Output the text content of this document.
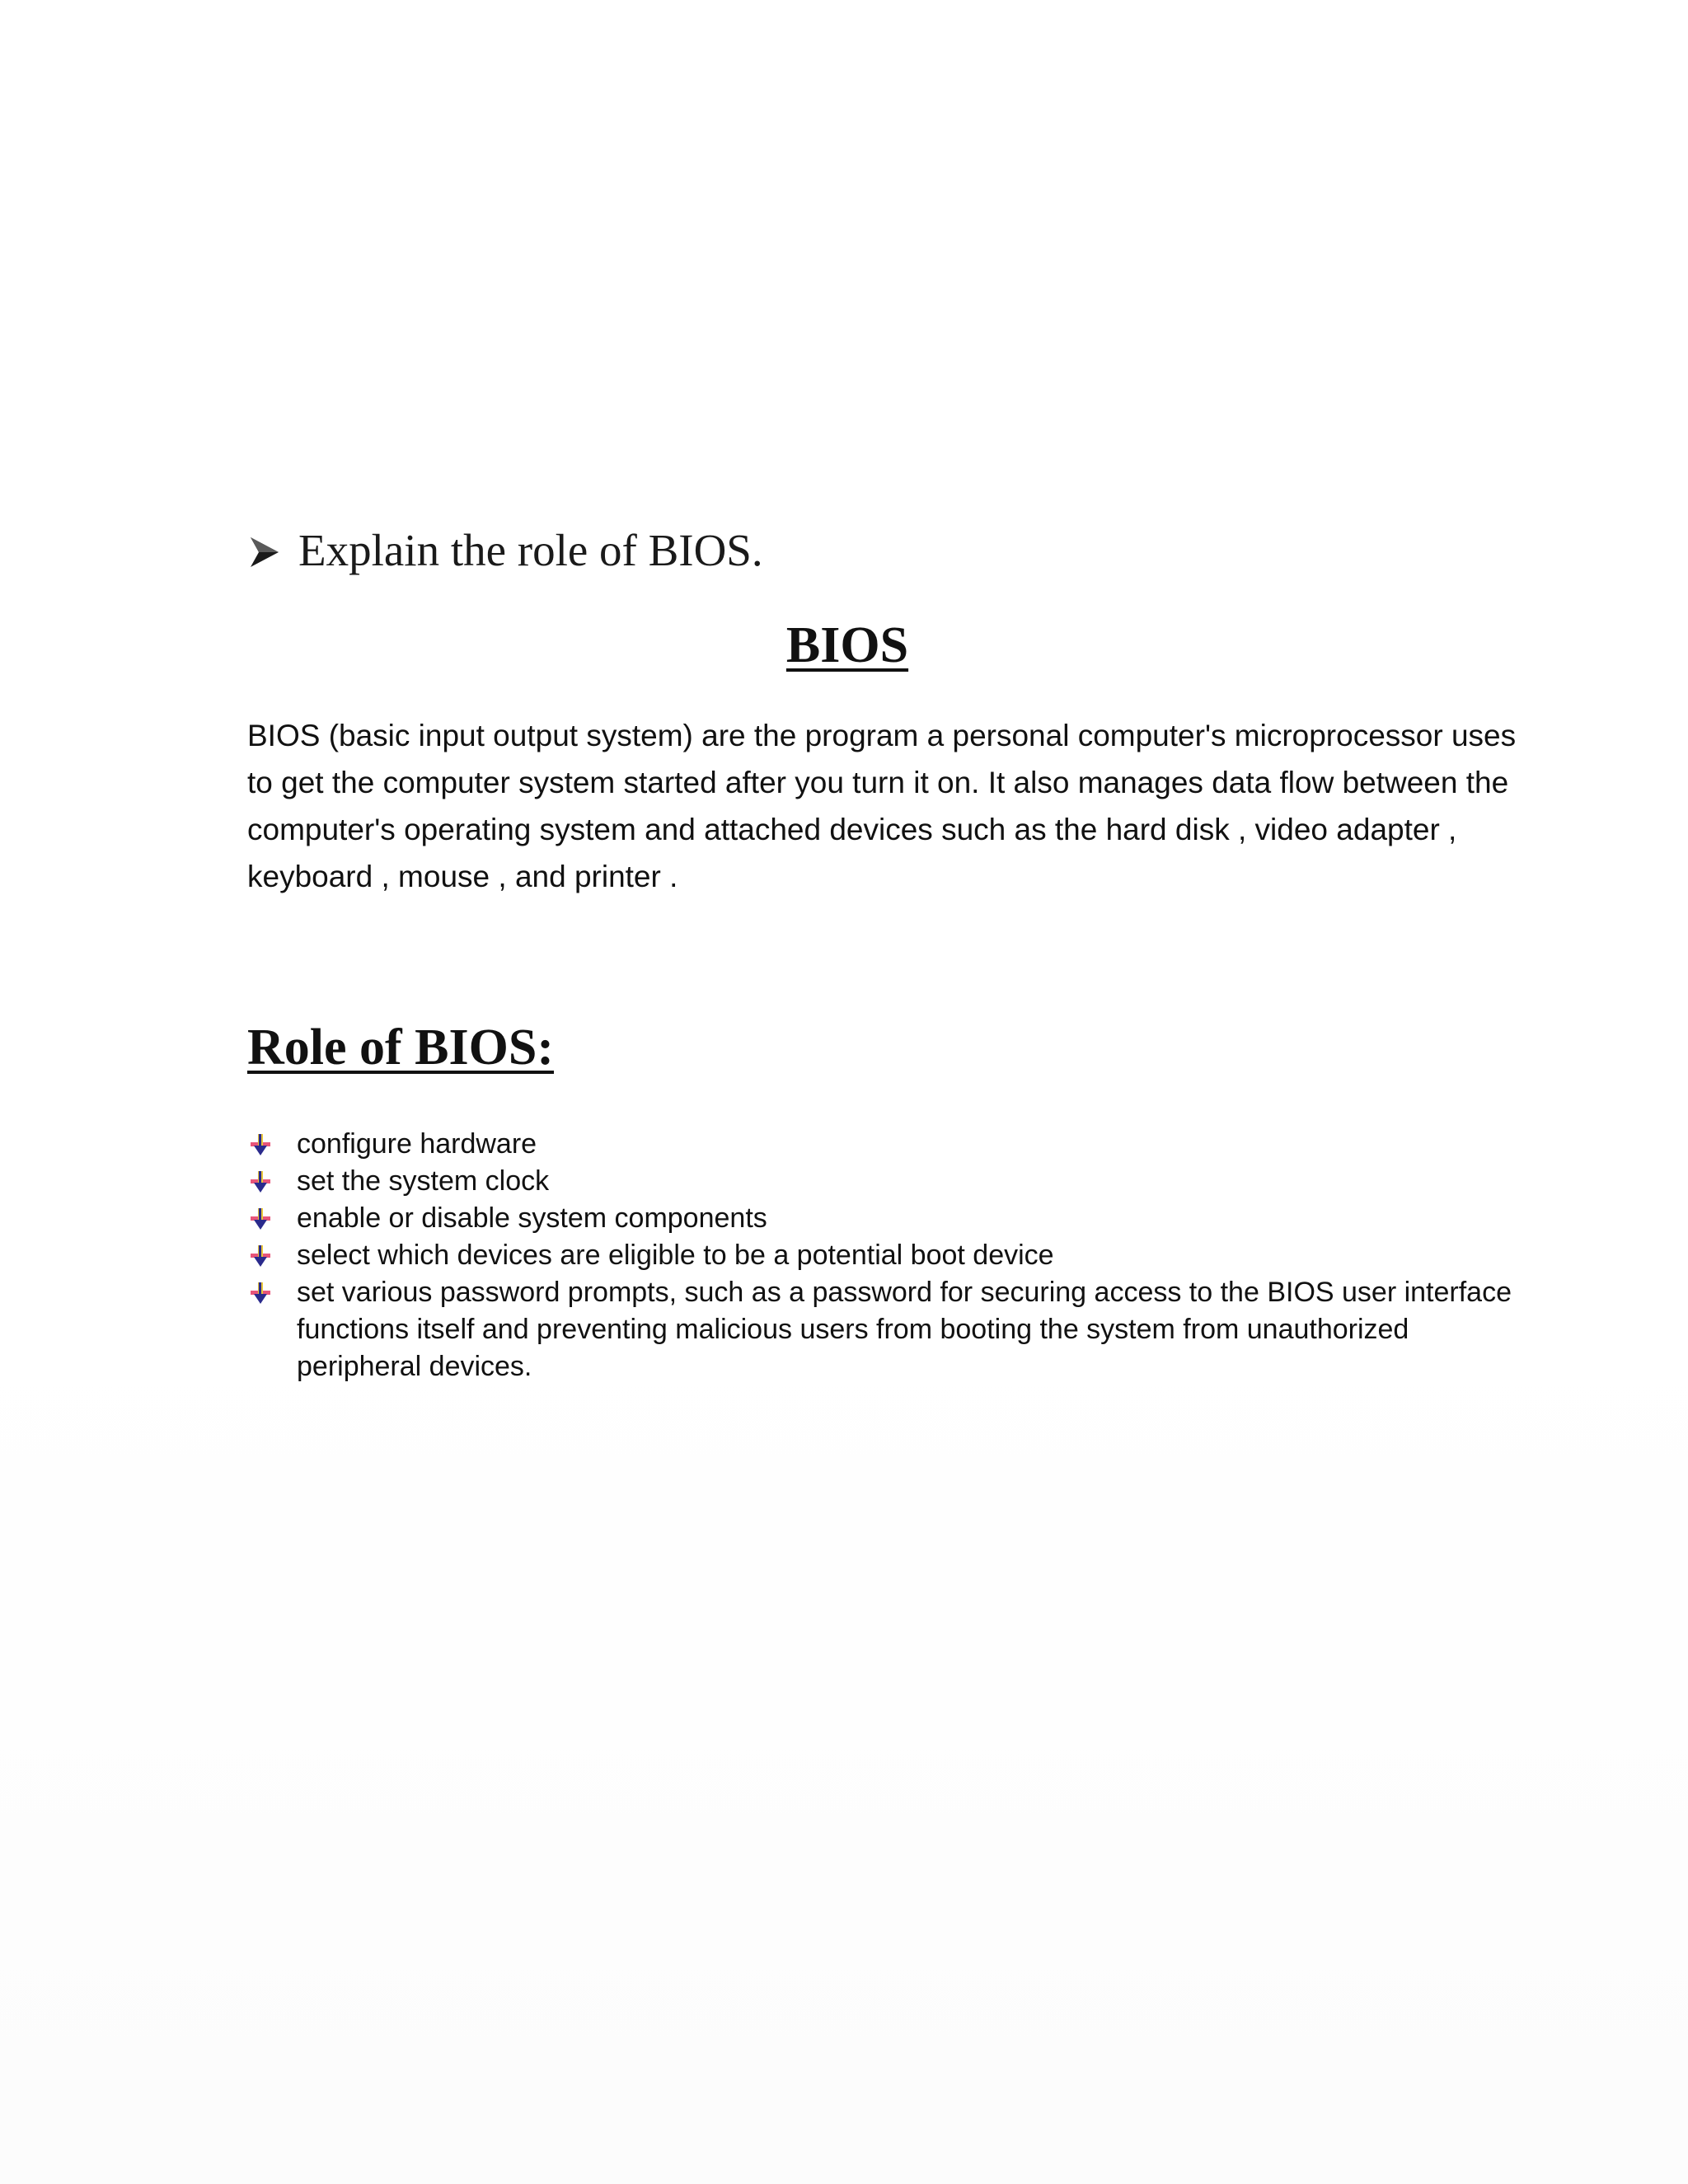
Explain the role of BIOS.
BIOS
BIOS (basic input output system) are the program a personal computer's microprocessor uses to get the computer system started after you turn it on. It also manages data flow between the computer's operating system and attached devices such as the hard disk , video adapter , keyboard , mouse , and printer .
Role of BIOS:
configure hardware
set the system clock
enable or disable system components
select which devices are eligible to be a potential boot device
set various password prompts, such as a password for securing access to the BIOS user interface functions itself and preventing malicious users from booting the system from unauthorized peripheral devices.
